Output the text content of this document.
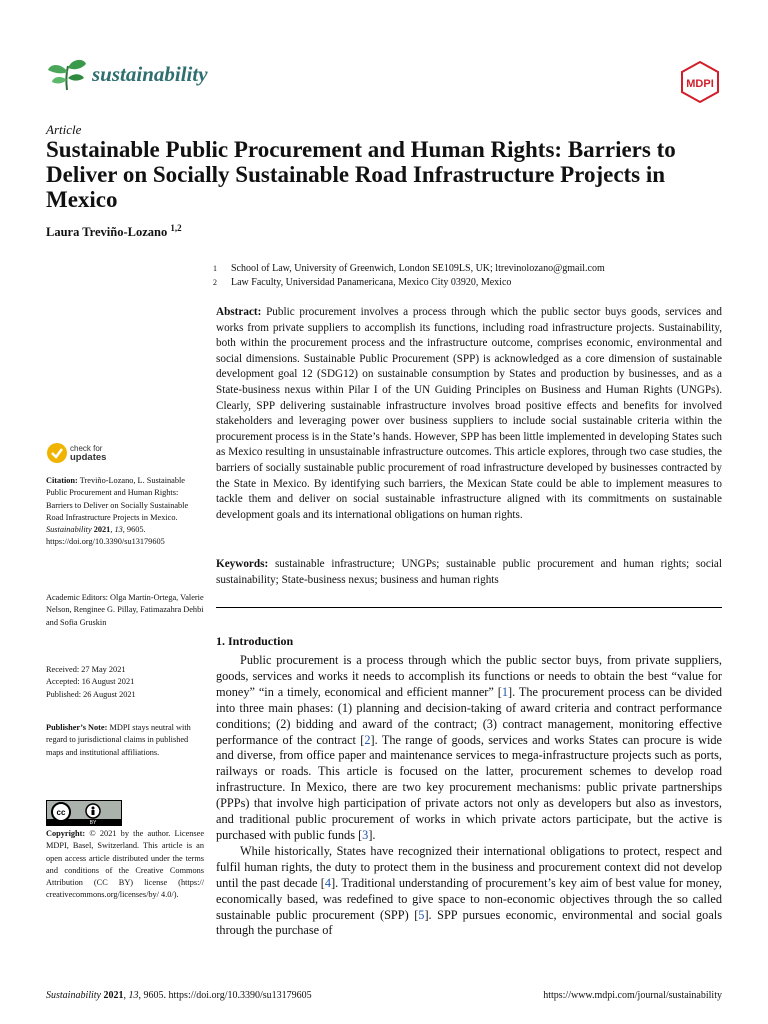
sustainability	MDPI
Article
Sustainable Public Procurement and Human Rights: Barriers to Deliver on Socially Sustainable Road Infrastructure Projects in Mexico
Laura Treviño-Lozano $^{1,2}$
1	School of Law, University of Greenwich, London SE109LS, UK; ltrevinolozano@gmail.com
2	Law Faculty, Universidad Panamericana, Mexico City 03920, Mexico
Abstract: Public procurement involves a process through which the public sector buys goods, services and works from private suppliers to accomplish its functions, including road infrastructure projects. Sustainability, both within the procurement process and the infrastructure outcome, comprises economic, environmental and social dimensions. Sustainable Public Procurement (SPP) is acknowledged as a core dimension of sustainable development goal 12 (SDG12) on sustainable consumption by States and production by businesses, and as a State-business nexus within Pilar I of the UN Guiding Principles on Business and Human Rights (UNGPs). Clearly, SPP delivering sustainable infrastructure involves broad positive effects and benefits for involved stakeholders and leveraging power over business suppliers to include social sustainable criteria within the procurement process is in the State’s hands. However, SPP has been little implemented in developing States such as Mexico resulting in unsustainable infrastructure outcomes. This article explores, through two case studies, the barriers of socially sustainable public procurement of road infrastructure developed by businesses contracted by the State in Mexico. By identifying such barriers, the Mexican State could be able to implement measures to tackle them and deliver on social sustainable infrastructure aligned with its commitments on sustainable development goals and its international obligations on human rights.
Keywords: sustainable infrastructure; UNGPs; sustainable public procurement and human rights; social sustainability; State-business nexus; business and human rights
check for
updates
Citation: Treviño-Lozano, L. Sustainable Public Procurement and Human Rights: Barriers to Deliver on Socially Sustainable Road Infrastructure Projects in Mexico. Sustainability 2021, 13, 9605. https://doi.org/10.3390/su13179605
Academic Editors: Olga Martin-Ortega, Valerie Nelson, Renginee G. Pillay, Fatimazahra Dehbi and Sofia Gruskin
Received: 27 May 2021
Accepted: 16 August 2021
Published: 26 August 2021
Publisher’s Note: MDPI stays neutral with regard to jurisdictional claims in published maps and institutional affiliations.
cc
BY
Copyright: © 2021 by the author. Licensee MDPI, Basel, Switzerland. This article is an open access article distributed under the terms and conditions of the Creative Commons Attribution (CC BY) license (https:// creativecommons.org/licenses/by/ 4.0/).
1. Introduction

Public procurement is a process through which the public sector buys, from private suppliers, goods, services and works it needs to accomplish its functions or needs to obtain the best “value for money” “in a timely, economical and efficient manner” [1]. The procurement process can be divided into three main phases: (1) planning and decision-taking of award criteria and contract performance conditions; (2) bidding and award of the contract; (3) contract management, monitoring effective performance of the contract [2]. The range of goods, services and works States can procure is wide and diverse, from office paper and maintenance services to mega-infrastructure projects such as ports, railways or roads. This article is focused on the latter, procurement schemes to develop road infrastructure. In Mexico, there are two key procurement mechanisms: public private partnerships (PPPs) that involve high participation of private actors not only as developers but also as investors, and traditional public procurement of works in which private actors participate, but the active is purchased with public funds [3].

While historically, States have recognized their international obligations to protect, respect and fulfil human rights, the duty to protect them in the business and procurement context did not develop until the past decade [4]. Traditional understanding of procurement’s key aim of best value for money, economically based, was redefined to give space to non-economic objectives through the so called sustainable public procurement (SPP) [5]. SPP pursues economic, environmental and social goals through the purchase of

Sustainability 2021, 13, 9605. https://doi.org/10.3390/su13179605	https://www.mdpi.com/journal/sustainability
